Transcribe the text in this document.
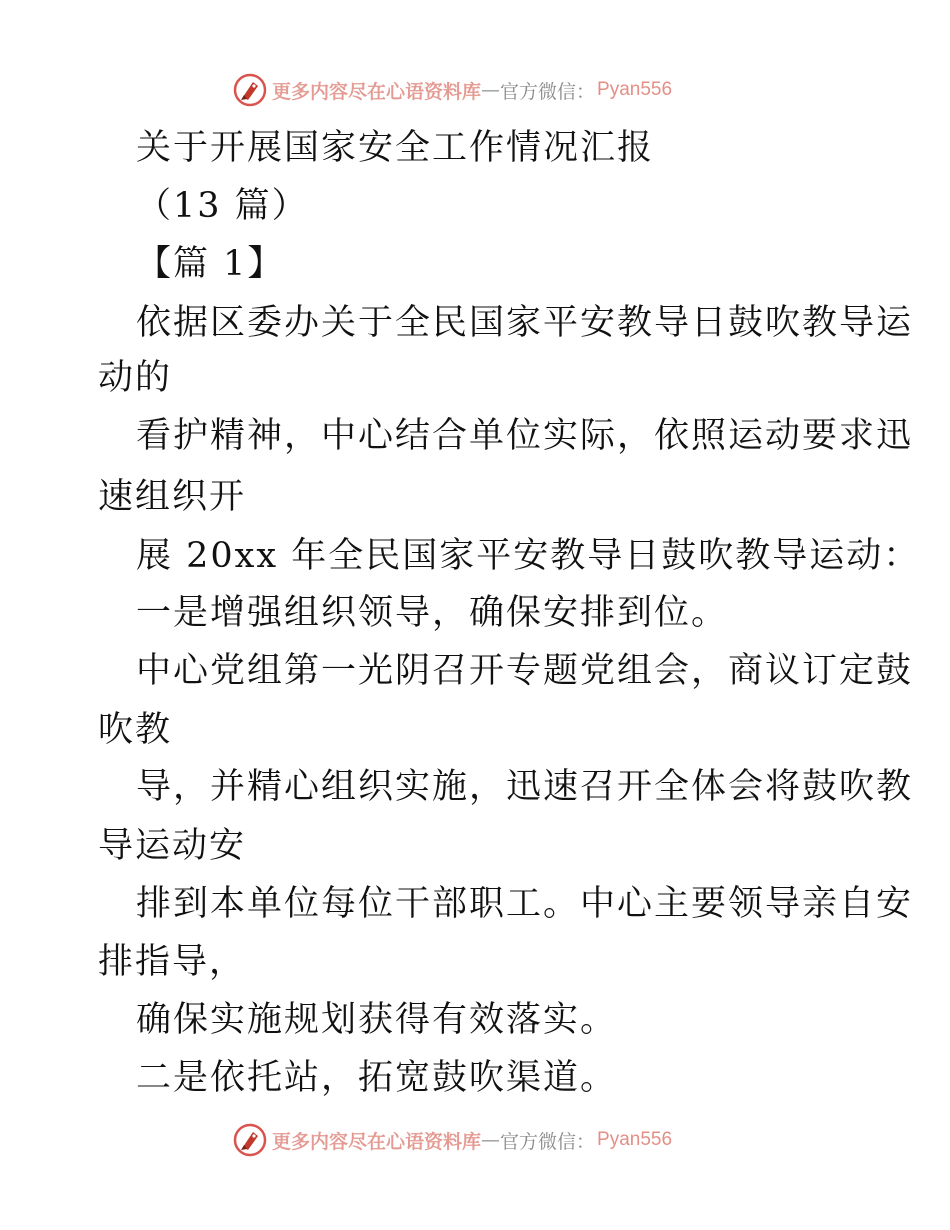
更多内容尽在心语资料库 — 官方微信： Pyan556
关于开展国家安全工作情况汇报
（13 篇）
【篇 1】
依据区委办关于全民国家平安教导日鼓吹教导运
动的
看护精神，中心结合单位实际，依照运动要求迅
速组织开
展 20xx 年全民国家平安教导日鼓吹教导运动：
一是增强组织领导，确保安排到位。
中心党组第一光阴召开专题党组会，商议订定鼓
吹教
导，并精心组织实施，迅速召开全体会将鼓吹教
导运动安
排到本单位每位干部职工。中心主要领导亲自安
排指导，
确保实施规划获得有效落实。
二是依托站，拓宽鼓吹渠道。
更多内容尽在心语资料库 — 官方微信： Pyan556
